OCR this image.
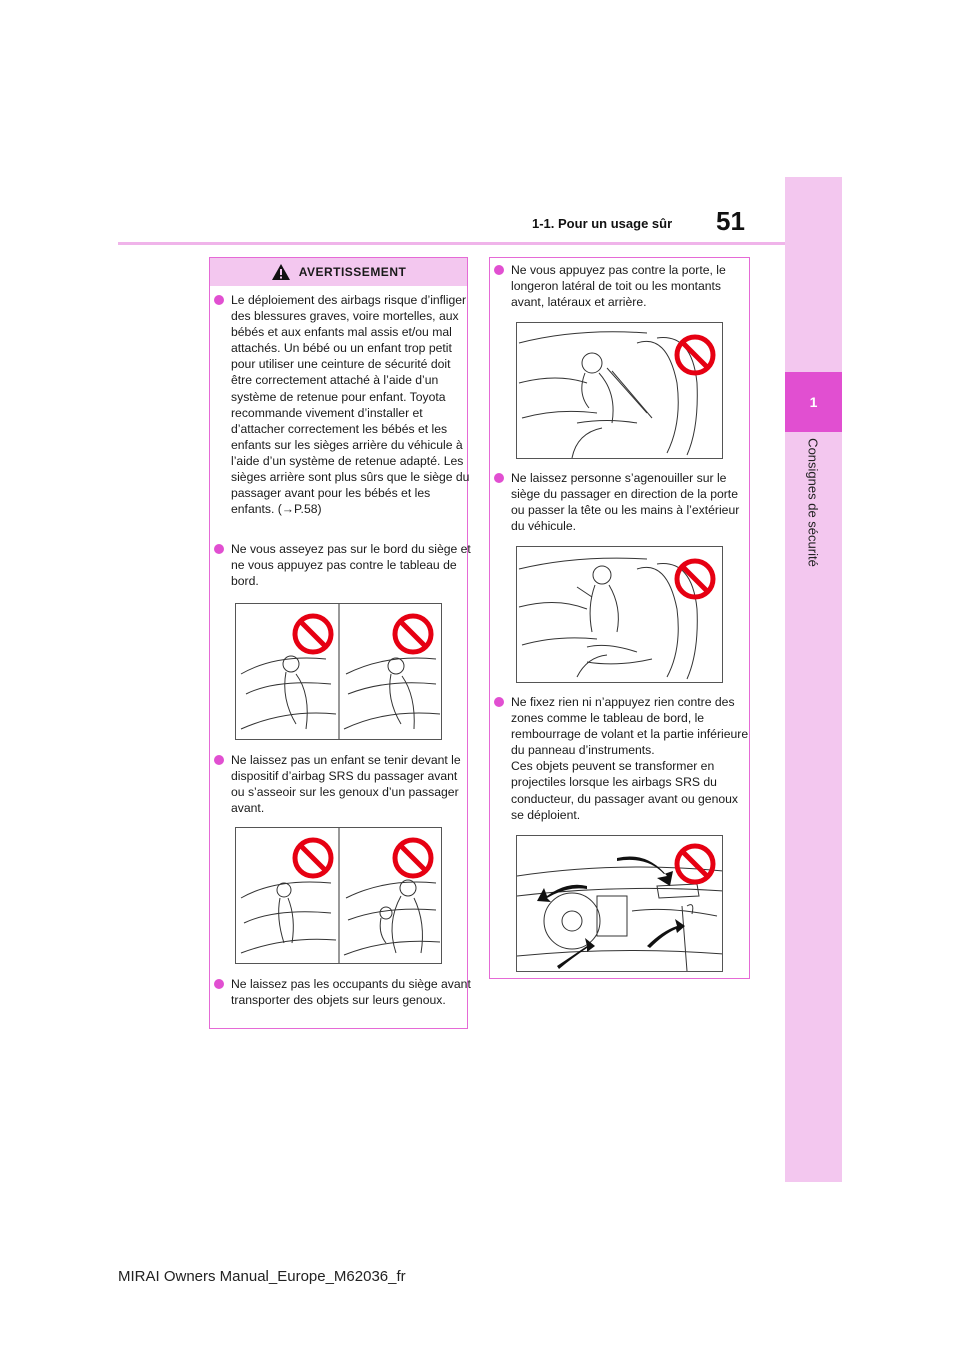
1-1. Pour un usage sûr 51
1
Consignes de sécurité
AVERTISSEMENT

Le déploiement des airbags risque d’infliger des blessures graves, voire mortelles, aux bébés et aux enfants mal assis et/ou mal attachés. Un bébé ou un enfant trop petit pour utiliser une ceinture de sécurité doit être correctement attaché à l’aide d’un système de retenue pour enfant. Toyota recommande vivement d’installer et d’attacher correctement les bébés et les enfants sur les sièges arrière du véhicule à l’aide d’un système de retenue adapté. Les sièges arrière sont plus sûrs que le siège du passager avant pour les bébés et les enfants. (→P.58)

Ne vous asseyez pas sur le bord du siège et ne vous appuyez pas contre le tableau de bord.

Ne laissez pas un enfant se tenir devant le dispositif d’airbag SRS du passager avant ou s’asseoir sur les genoux d’un passager avant.

Ne laissez pas les occupants du siège avant transporter des objets sur leurs genoux.

Ne vous appuyez pas contre la porte, le longeron latéral de toit ou les montants avant, latéraux et arrière.

Ne laissez personne s’agenouiller sur le siège du passager en direction de la porte ou passer la tête ou les mains à l’extérieur du véhicule.

Ne fixez rien ni n’appuyez rien contre des zones comme le tableau de bord, le rembourrage de volant et la partie inférieure du panneau d’instruments.

Ces objets peuvent se transformer en projectiles lorsque les airbags SRS du conducteur, du passager avant ou genoux se déploient.

MIRAI Owners Manual_Europe_M62036_fr
